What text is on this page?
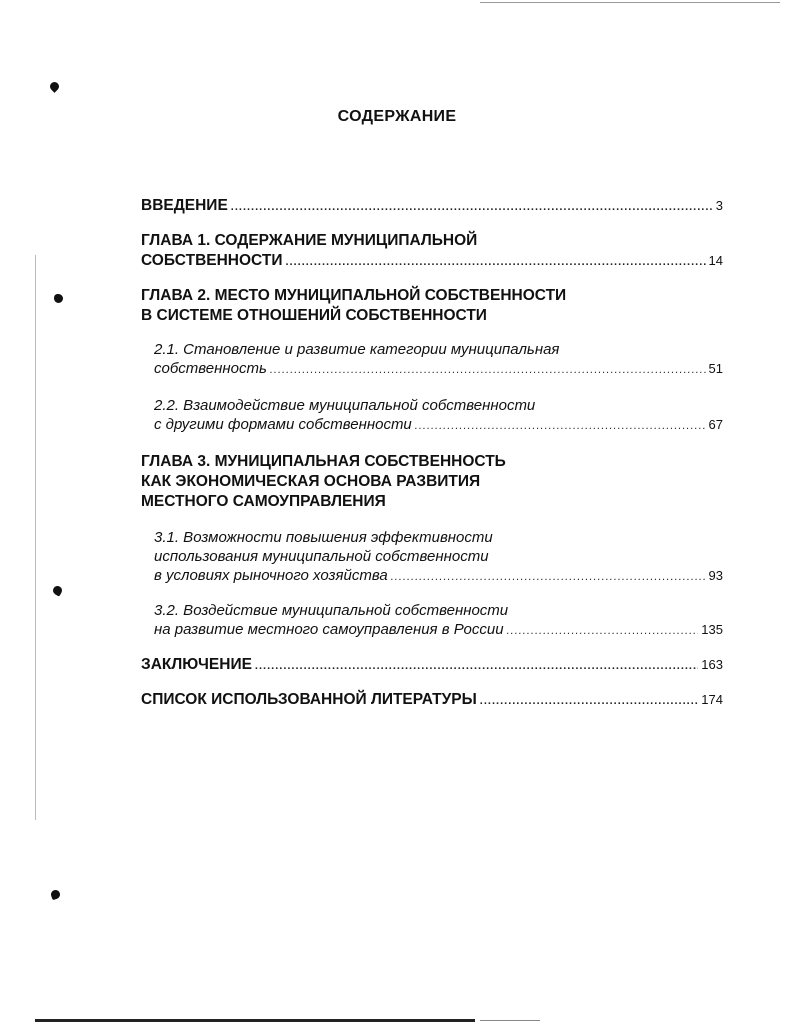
СОДЕРЖАНИЕ
ВВЕДЕНИЕ .....	3
ГЛАВА 1. СОДЕРЖАНИЕ МУНИЦИПАЛЬНОЙ
СОБСТВЕННОСТИ .....	14
ГЛАВА 2. МЕСТО МУНИЦИПАЛЬНОЙ СОБСТВЕННОСТИ
В СИСТЕМЕ ОТНОШЕНИЙ СОБСТВЕННОСТИ
2.1. Становление и развитие категории муниципальная
собственность .....	51
2.2. Взаимодействие муниципальной собственности
с другими формами собственности .....	67
ГЛАВА 3. МУНИЦИПАЛЬНАЯ СОБСТВЕННОСТЬ
КАК ЭКОНОМИЧЕСКАЯ ОСНОВА РАЗВИТИЯ
МЕСТНОГО САМОУПРАВЛЕНИЯ
3.1. Возможности повышения эффективности
использования муниципальной собственности
в условиях рыночного хозяйства .....	93
3.2. Воздействие муниципальной собственности
на развитие местного самоуправления в России .....	135
ЗАКЛЮЧЕНИЕ .....	163
СПИСОК ИСПОЛЬЗОВАННОЙ ЛИТЕРАТУРЫ .....	174
